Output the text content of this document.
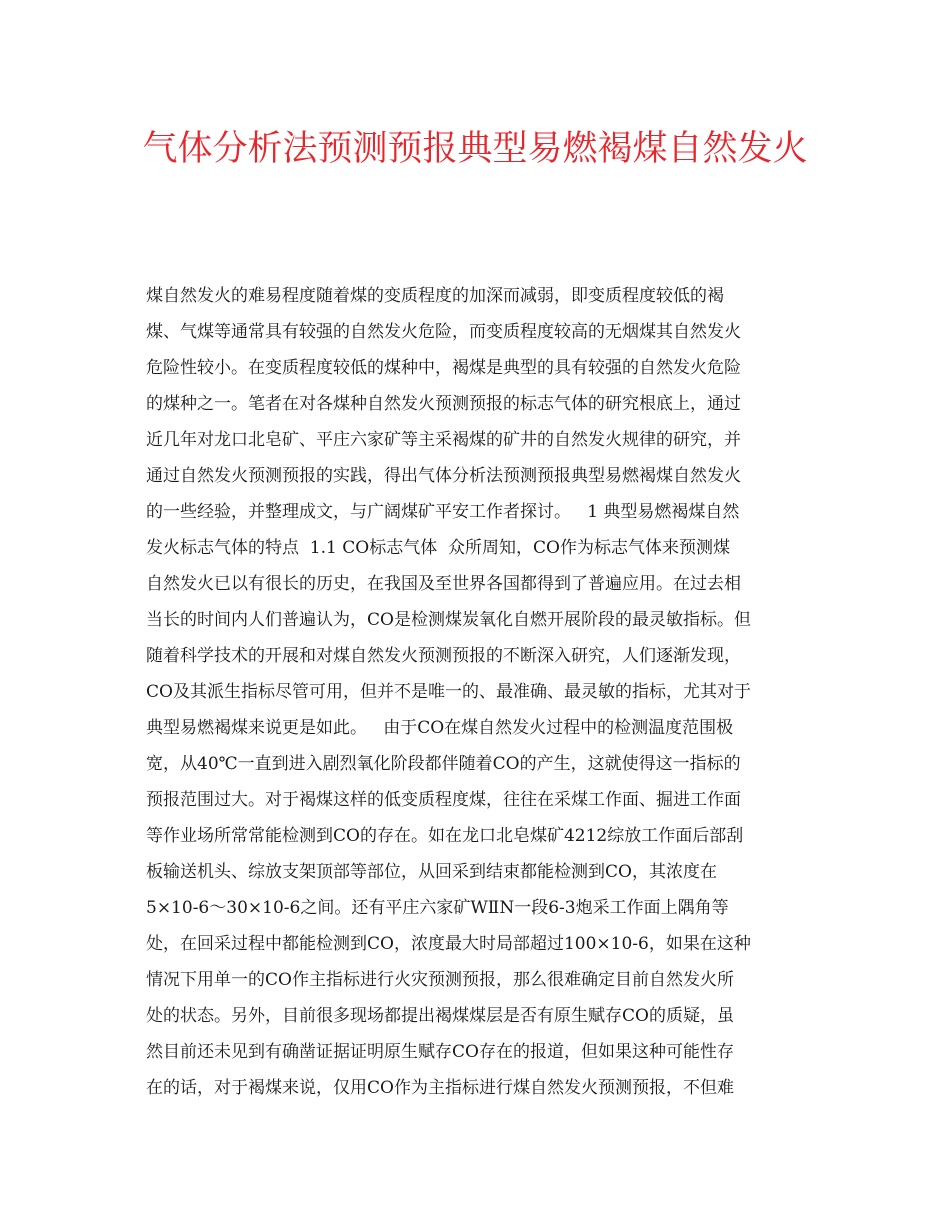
气体分析法预测预报典型易燃褐煤自然发火
煤自然发火的难易程度随着煤的变质程度的加深而减弱，即变质程度较低的褐
煤、气煤等通常具有较强的自然发火危险，而变质程度较高的无烟煤其自然发火
危险性较小。在变质程度较低的煤种中，褐煤是典型的具有较强的自然发火危险
的煤种之一。笔者在对各煤种自然发火预测预报的标志气体的研究根底上，通过
近几年对龙口北皂矿、平庄六家矿等主采褐煤的矿井的自然发火规律的研究，并
通过自然发火预测预报的实践，得出气体分析法预测预报典型易燃褐煤自然发火
的一些经验，并整理成文，与广阔煤矿平安工作者探讨。   1 典型易燃褐煤自然
发火标志气体的特点  1.1 CO标志气体  众所周知，CO作为标志气体来预测煤
自然发火已以有很长的历史，在我国及至世界各国都得到了普遍应用。在过去相
当长的时间内人们普遍认为，CO是检测煤炭氧化自燃开展阶段的最灵敏指标。但
随着科学技术的开展和对煤自然发火预测预报的不断深入研究，人们逐渐发现，
CO及其派生指标尽管可用，但并不是唯一的、最准确、最灵敏的指标，尤其对于
典型易燃褐煤来说更是如此。   由于CO在煤自然发火过程中的检测温度范围极
宽，从40℃一直到进入剧烈氧化阶段都伴随着CO的产生，这就使得这一指标的
预报范围过大。对于褐煤这样的低变质程度煤，往往在采煤工作面、掘进工作面
等作业场所常常能检测到CO的存在。如在龙口北皂煤矿4212综放工作面后部刮
板输送机头、综放支架顶部等部位，从回采到结束都能检测到CO，其浓度在
5×10-6～30×10-6之间。还有平庄六家矿WⅡN一段6-3炮采工作面上隅角等
处，在回采过程中都能检测到CO，浓度最大时局部超过100×10-6，如果在这种
情况下用单一的CO作主指标进行火灾预测预报，那么很难确定目前自然发火所
处的状态。另外，目前很多现场都提出褐煤煤层是否有原生赋存CO的质疑，虽
然目前还未见到有确凿证据证明原生赋存CO存在的报道，但如果这种可能性存
在的话，对于褐煤来说，仅用CO作为主指标进行煤自然发火预测预报，不但难
